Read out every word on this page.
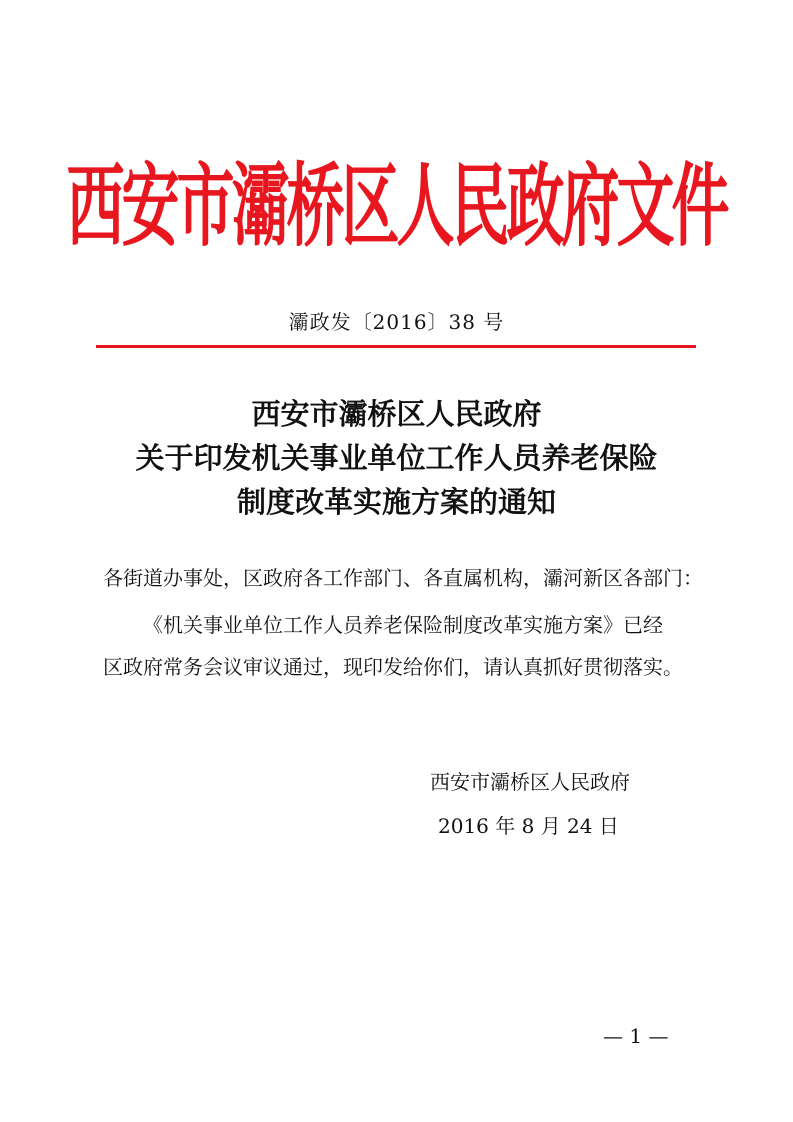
西安市灞桥区人民政府文件
灞政发〔2016〕38 号
西安市灞桥区人民政府
关于印发机关事业单位工作人员养老保险
制度改革实施方案的通知
各街道办事处，区政府各工作部门、各直属机构，灞河新区各部门：
《机关事业单位工作人员养老保险制度改革实施方案》已经
区政府常务会议审议通过，现印发给你们，请认真抓好贯彻落实。
西安市灞桥区人民政府
2016 年 8 月 24 日
— 1 —
